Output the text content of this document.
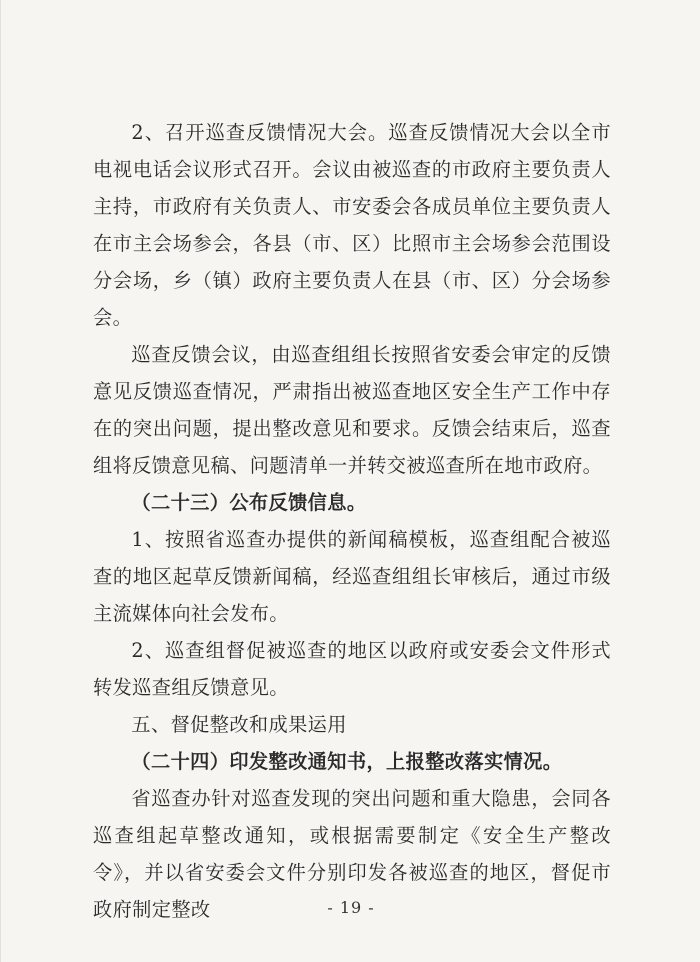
2、召开巡查反馈情况大会。巡查反馈情况大会以全市电视电话会议形式召开。会议由被巡查的市政府主要负责人主持，市政府有关负责人、市安委会各成员单位主要负责人在市主会场参会，各县（市、区）比照市主会场参会范围设分会场，乡（镇）政府主要负责人在县（市、区）分会场参会。

巡查反馈会议，由巡查组组长按照省安委会审定的反馈意见反馈巡查情况，严肃指出被巡查地区安全生产工作中存在的突出问题，提出整改意见和要求。反馈会结束后，巡查组将反馈意见稿、问题清单一并转交被巡查所在地市政府。

（二十三）公布反馈信息。

1、按照省巡查办提供的新闻稿模板，巡查组配合被巡查的地区起草反馈新闻稿，经巡查组组长审核后，通过市级主流媒体向社会发布。

2、巡查组督促被巡查的地区以政府或安委会文件形式转发巡查组反馈意见。

五、督促整改和成果运用

（二十四）印发整改通知书，上报整改落实情况。

省巡查办针对巡查发现的突出问题和重大隐患，会同各巡查组起草整改通知，或根据需要制定《安全生产整改令》，并以省安委会文件分别印发各被巡查的地区，督促市政府制定整改	- 19 -
